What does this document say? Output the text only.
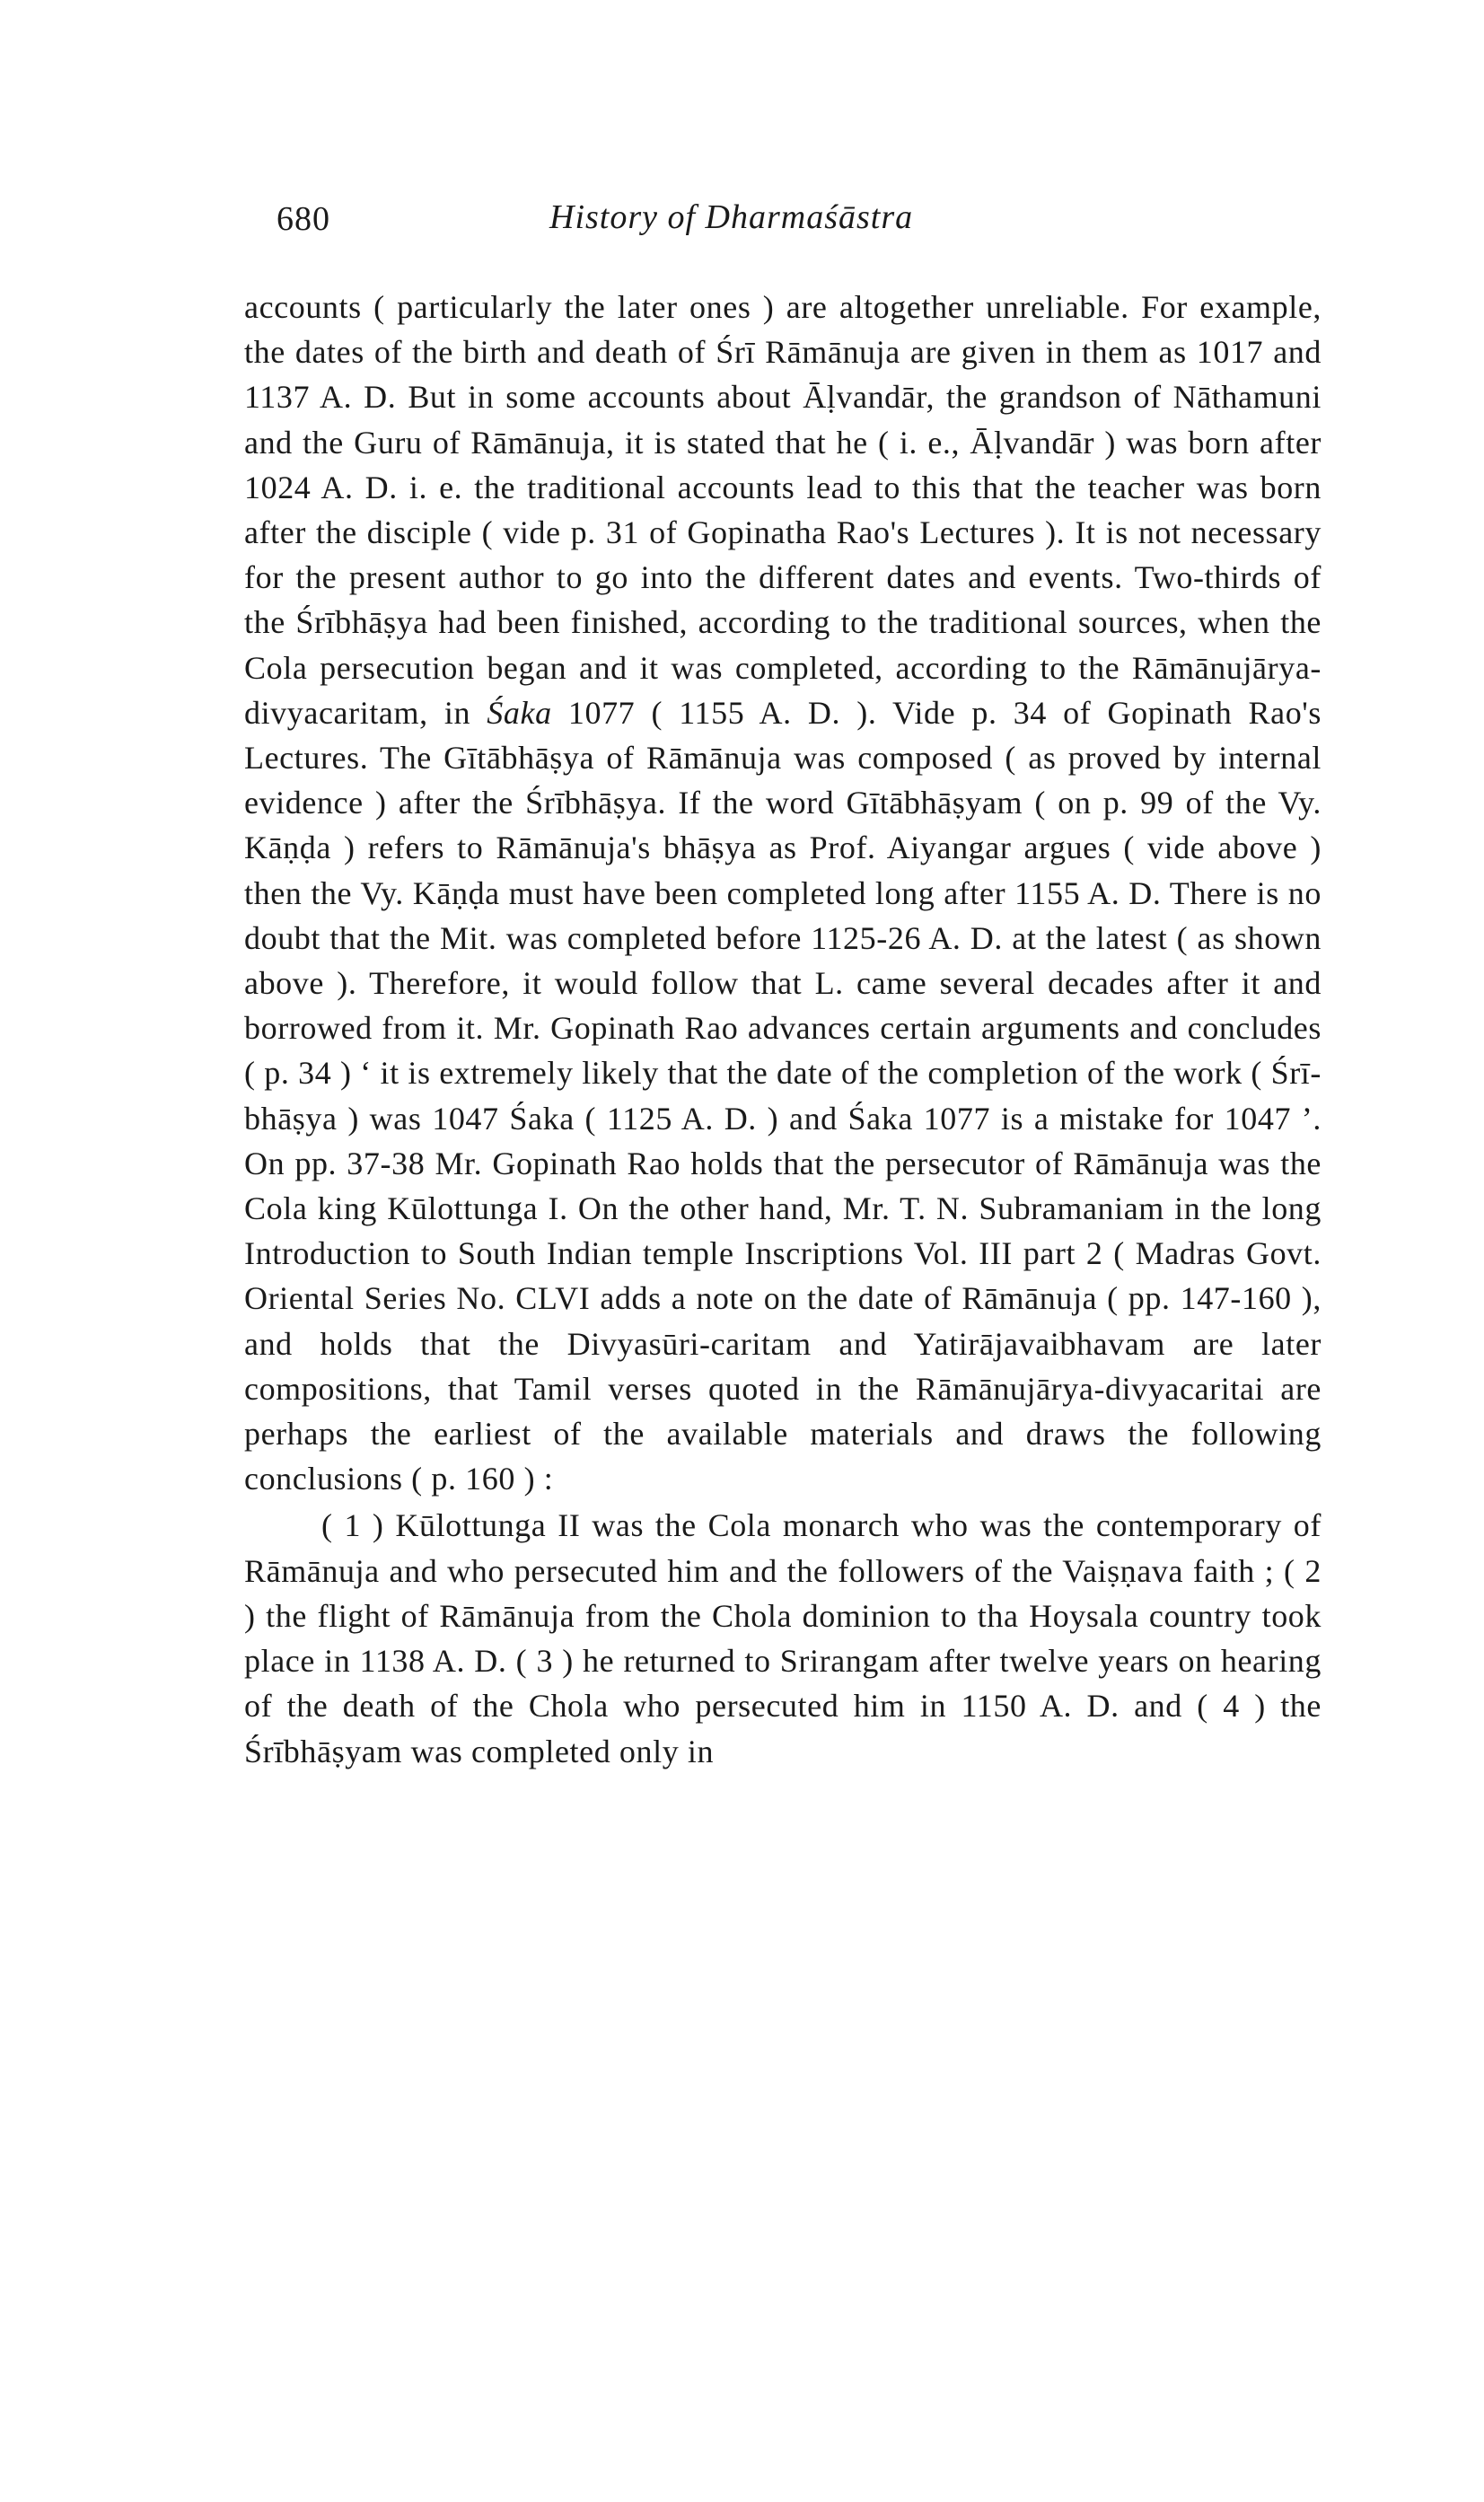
680	History of Dharmaśāstra

accounts ( particularly the later ones ) are altogether unreliable. For example, the dates of the birth and death of Śrī Rāmānuja are given in them as 1017 and 1137 A. D. But in some accounts about Āḷvandār, the grandson of Nāthamuni and the Guru of Rāmānuja, it is stated that he ( i. e., Āḷvandār ) was born after 1024 A. D. i. e. the traditional accounts lead to this that the teacher was born after the disciple ( vide p. 31 of Gopinatha Rao's Lectures ). It is not necessary for the present author to go into the different dates and events. Two-thirds of the Śrībhāṣya had been finished, according to the traditional sources, when the Cola persecution began and it was completed, according to the Rāmānujārya-divyacaritam, in Śaka 1077 ( 1155 A. D. ). Vide p. 34 of Gopinath Rao's Lectures. The Gītābhāṣya of Rāmānuja was composed ( as proved by internal evidence ) after the Śrībhāṣya. If the word Gītābhāṣyam ( on p. 99 of the Vy. Kāṇḍa ) refers to Rāmānuja's bhāṣya as Prof. Aiyangar argues ( vide above ) then the Vy. Kāṇḍa must have been completed long after 1155 A. D. There is no doubt that the Mit. was completed before 1125-26 A. D. at the latest ( as shown above ). Therefore, it would follow that L. came several decades after it and borrowed from it. Mr. Gopinath Rao advances certain arguments and concludes ( p. 34 ) ‘ it is extremely likely that the date of the completion of the work ( Śrī-bhāṣya ) was 1047 Śaka ( 1125 A. D. ) and Śaka 1077 is a mistake for 1047 ’. On pp. 37-38 Mr. Gopinath Rao holds that the persecutor of Rāmānuja was the Cola king Kūlottunga I. On the other hand, Mr. T. N. Subramaniam in the long Introduction to South Indian temple Inscriptions Vol. III part 2 ( Madras Govt. Oriental Series No. CLVI adds a note on the date of Rāmānuja ( pp. 147-160 ), and holds that the Divyasūri-caritam and Yatirājavaibhavam are later compositions, that Tamil verses quoted in the Rāmānujārya-divyacaritai are perhaps the earliest of the available materials and draws the following conclusions ( p. 160 ) :

( 1 ) Kūlottunga II was the Cola monarch who was the contemporary of Rāmānuja and who persecuted him and the followers of the Vaiṣṇava faith ; ( 2 ) the flight of Rāmānuja from the Chola dominion to tha Hoysala country took place in 1138 A. D. ( 3 ) he returned to Srirangam after twelve years on hearing of the death of the Chola who persecuted him in 1150 A. D. and ( 4 ) the Śrībhāṣyam was completed only in
